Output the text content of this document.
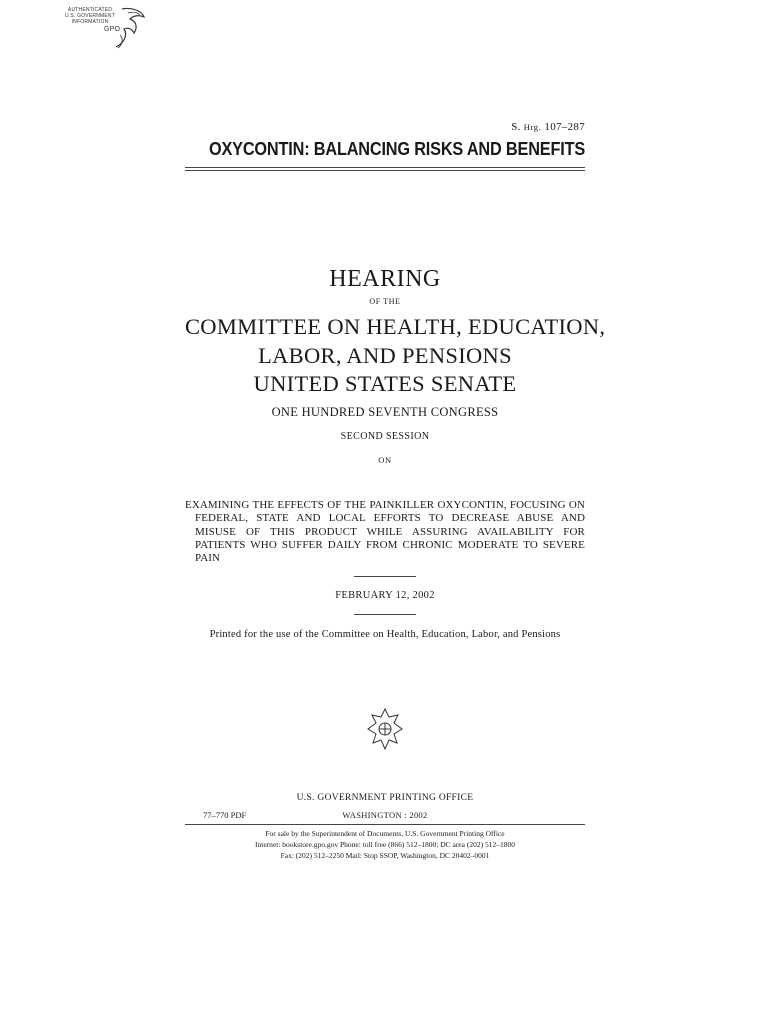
AUTHENTICATED
U.S. GOVERNMENT
INFORMATION
GPO
S. Hrg. 107–287
OXYCONTIN: BALANCING RISKS AND BENEFITS
HEARING
OF THE
COMMITTEE ON HEALTH, EDUCATION,
LABOR, AND PENSIONS
UNITED STATES SENATE
ONE HUNDRED SEVENTH CONGRESS
SECOND SESSION
ON
EXAMINING THE EFFECTS OF THE PAINKILLER OXYCONTIN, FOCUSING ON FEDERAL, STATE AND LOCAL EFFORTS TO DECREASE ABUSE AND MISUSE OF THIS PRODUCT WHILE ASSURING AVAILABILITY FOR PATIENTS WHO SUFFER DAILY FROM CHRONIC MODERATE TO SEVERE PAIN
FEBRUARY 12, 2002
Printed for the use of the Committee on Health, Education, Labor, and Pensions
U.S. GOVERNMENT PRINTING OFFICE
77–770 PDF	WASHINGTON : 2002
For sale by the Superintendent of Documents, U.S. Government Printing Office
Internet: bookstore.gpo.gov Phone: toll free (866) 512–1800; DC area (202) 512–1800
Fax: (202) 512–2250 Mail: Stop SSOP, Washington, DC 20402–0001
